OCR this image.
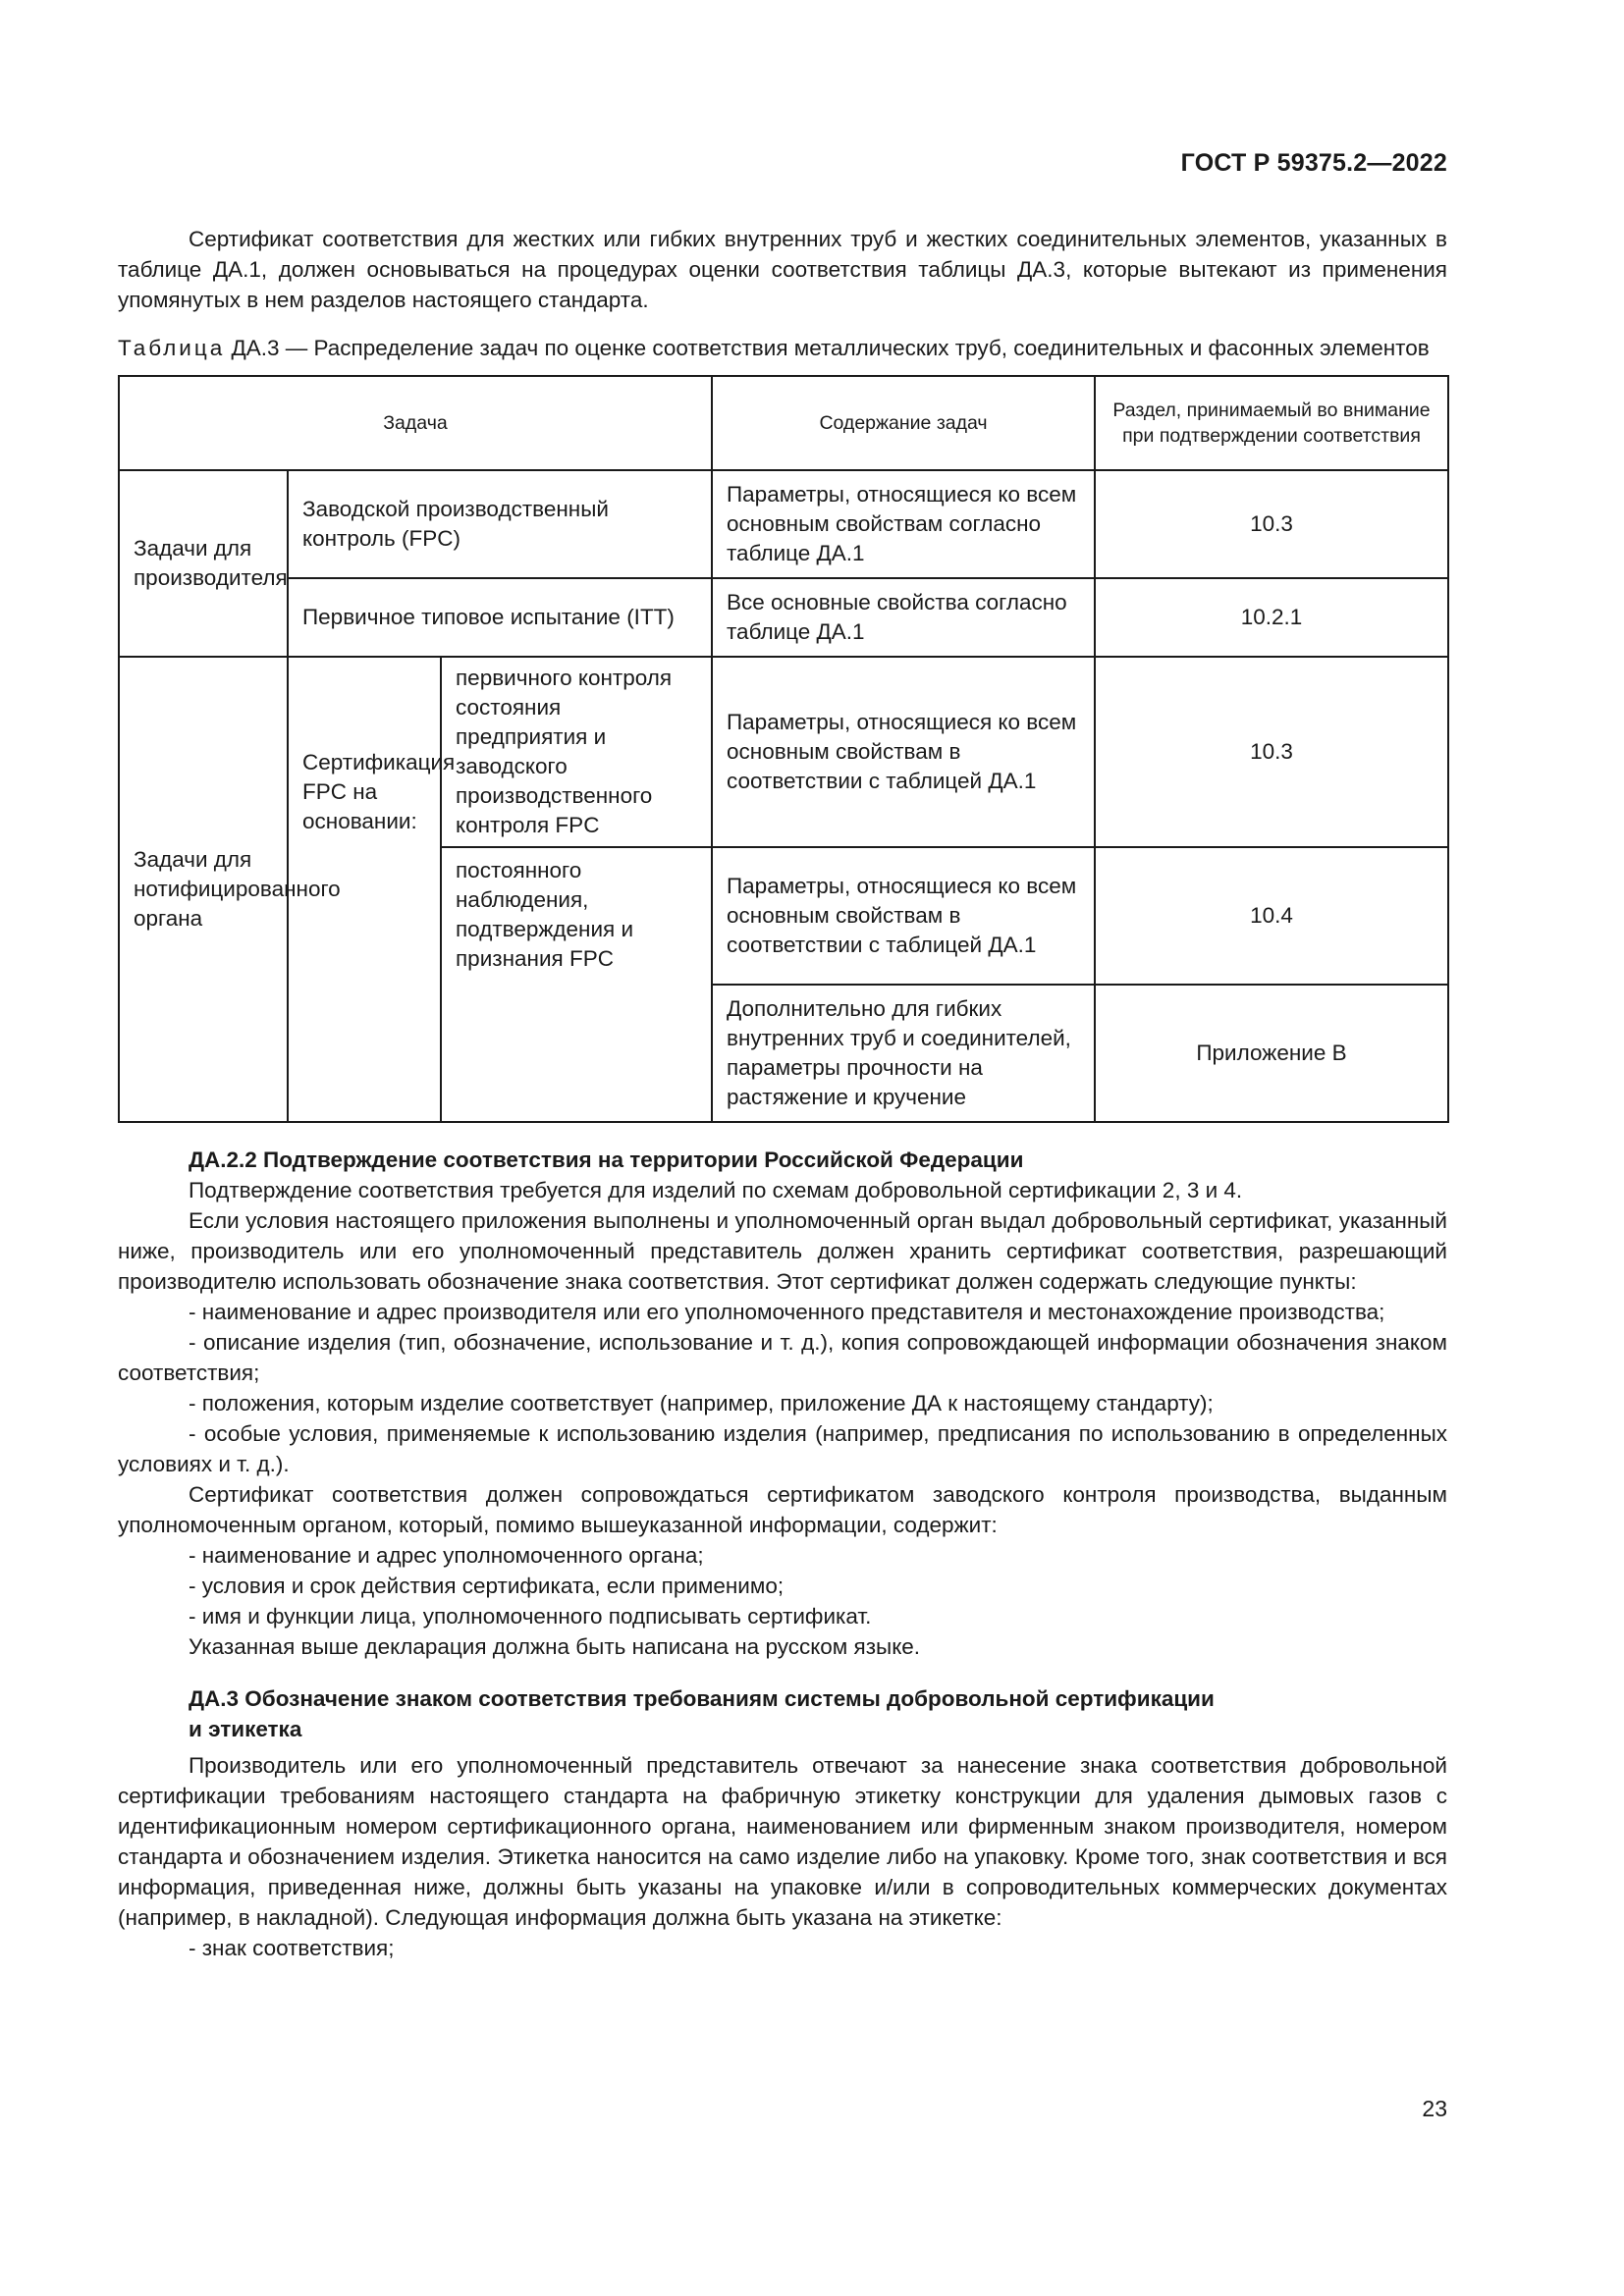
ГОСТ Р 59375.2—2022

Сертификат соответствия для жестких или гибких внутренних труб и жестких соединительных элементов, указанных в таблице ДА.1, должен основываться на процедурах оценки соответствия таблицы ДА.3, которые вытекают из применения упомянутых в нем разделов настоящего стандарта.

Таблица ДА.3 — Распределение задач по оценке соответствия металлических труб, соединительных и фасонных элементов

Задача			Содержание задач	Раздел, принимаемый во внимание при подтверждении соответствия
Задачи для производителя	Заводской производственный контроль (FPC)		Параметры, относящиеся ко всем основным свойствам согласно таблице ДА.1	10.3
	Первичное типовое испытание (ITT)		Все основные свойства согласно таблице ДА.1	10.2.1
Задачи для нотифицированного органа	Сертификация FPC на основании:	первичного контроля состояния предприятия и заводского производственного контроля FPC	Параметры, относящиеся ко всем основным свойствам в соответствии с таблицей ДА.1	10.3
		постоянного наблюдения, подтверждения и признания FPC	Параметры, относящиеся ко всем основным свойствам в соответствии с таблицей ДА.1	10.4
			Дополнительно для гибких внутренних труб и соединителей, параметры прочности на растяжение и кручение	Приложение В
ДА.2.2 Подтверждение соответствия на территории Российской Федерации

Подтверждение соответствия требуется для изделий по схемам добровольной сертификации 2, 3 и 4.

Если условия настоящего приложения выполнены и уполномоченный орган выдал добровольный сертификат, указанный ниже, производитель или его уполномоченный представитель должен хранить сертификат соответствия, разрешающий производителю использовать обозначение знака соответствия. Этот сертификат должен содержать следующие пункты:

- наименование и адрес производителя или его уполномоченного представителя и местонахождение производства;

- описание изделия (тип, обозначение, использование и т. д.), копия сопровождающей информации обозначения знаком соответствия;

- положения, которым изделие соответствует (например, приложение ДА к настоящему стандарту);

- особые условия, применяемые к использованию изделия (например, предписания по использованию в определенных условиях и т. д.).

Сертификат соответствия должен сопровождаться сертификатом заводского контроля производства, выданным уполномоченным органом, который, помимо вышеуказанной информации, содержит:

- наименование и адрес уполномоченного органа;

- условия и срок действия сертификата, если применимо;

- имя и функции лица, уполномоченного подписывать сертификат.

Указанная выше декларация должна быть написана на русском языке.

ДА.3 Обозначение знаком соответствия требованиям системы добровольной сертификации
и этикетка

Производитель или его уполномоченный представитель отвечают за нанесение знака соответствия добровольной сертификации требованиям настоящего стандарта на фабричную этикетку конструкции для удаления дымовых газов с идентификационным номером сертификационного органа, наименованием или фирменным знаком производителя, номером стандарта и обозначением изделия. Этикетка наносится на само изделие либо на упаковку. Кроме того, знак соответствия и вся информация, приведенная ниже, должны быть указаны на упаковке и/или в сопроводительных коммерческих документах (например, в накладной). Следующая информация должна быть указана на этикетке:

- знак соответствия;

23
